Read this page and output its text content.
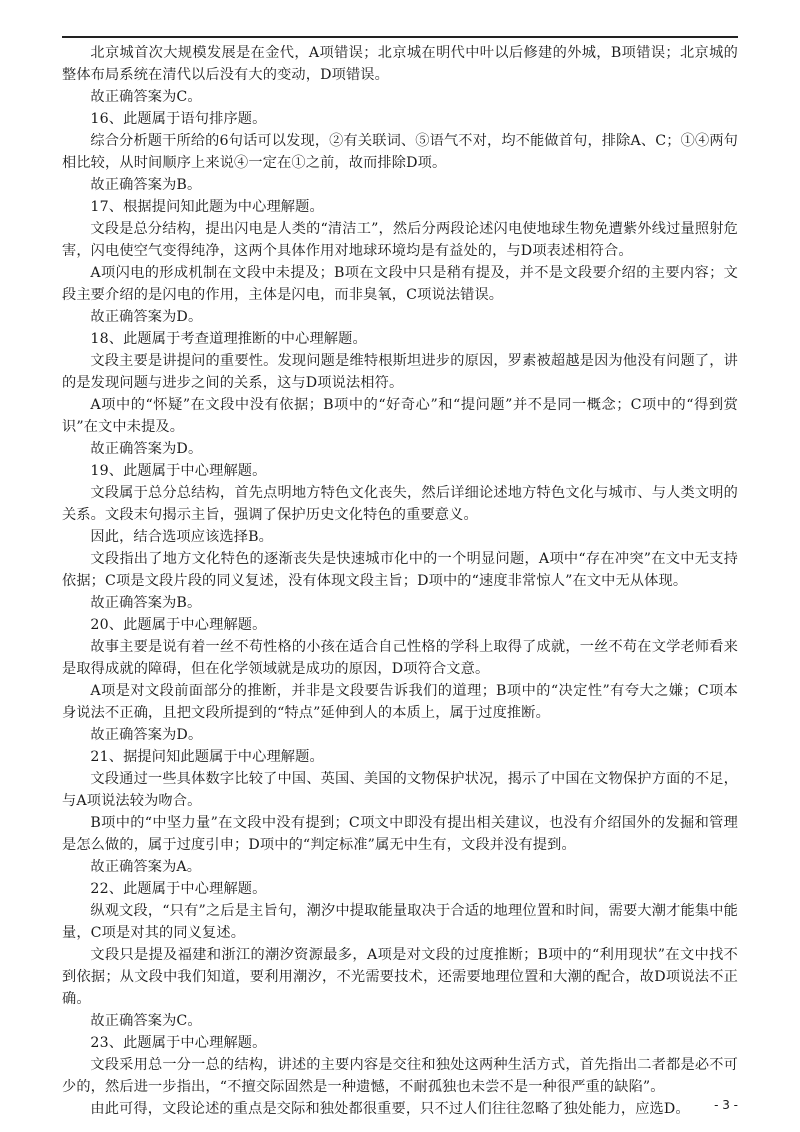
北京城首次大规模发展是在金代，A项错误；北京城在明代中叶以后修建的外城，B项错误；北京城的整体布局系统在清代以后没有大的变动，D项错误。

故正确答案为C。

16、此题属于语句排序题。

综合分析题干所给的6句话可以发现，②有关联词、⑤语气不对，均不能做首句，排除A、C；①④两句相比较，从时间顺序上来说④一定在①之前，故而排除D项。

故正确答案为B。

17、根据提问知此题为中心理解题。

文段是总分结构，提出闪电是人类的“清洁工”，然后分两段论述闪电使地球生物免遭紫外线过量照射危害，闪电使空气变得纯净，这两个具体作用对地球环境均是有益处的，与D项表述相符合。

A项闪电的形成机制在文段中未提及；B项在文段中只是稍有提及，并不是文段要介绍的主要内容；文段主要介绍的是闪电的作用，主体是闪电，而非臭氧，C项说法错误。

故正确答案为D。

18、此题属于考查道理推断的中心理解题。

文段主要是讲提问的重要性。发现问题是维特根斯坦进步的原因，罗素被超越是因为他没有问题了，讲的是发现问题与进步之间的关系，这与D项说法相符。

A项中的“怀疑”在文段中没有依据；B项中的“好奇心”和“提问题”并不是同一概念；C项中的“得到赏识”在文中未提及。

故正确答案为D。

19、此题属于中心理解题。

文段属于总分总结构，首先点明地方特色文化丧失，然后详细论述地方特色文化与城市、与人类文明的关系。文段末句揭示主旨，强调了保护历史文化特色的重要意义。

因此，结合选项应该选择B。

文段指出了地方文化特色的逐渐丧失是快速城市化中的一个明显问题，A项中“存在冲突”在文中无支持依据；C项是文段片段的同义复述，没有体现文段主旨；D项中的“速度非常惊人”在文中无从体现。

故正确答案为B。

20、此题属于中心理解题。

故事主要是说有着一丝不苟性格的小孩在适合自己性格的学科上取得了成就，一丝不苟在文学老师看来是取得成就的障碍，但在化学领域就是成功的原因，D项符合文意。

A项是对文段前面部分的推断，并非是文段要告诉我们的道理；B项中的“决定性”有夸大之嫌；C项本身说法不正确，且把文段所提到的“特点”延伸到人的本质上，属于过度推断。

故正确答案为D。

21、据提问知此题属于中心理解题。

文段通过一些具体数字比较了中国、英国、美国的文物保护状况，揭示了中国在文物保护方面的不足，与A项说法较为吻合。

B项中的“中坚力量”在文段中没有提到；C项文中即没有提出相关建议，也没有介绍国外的发掘和管理是怎么做的，属于过度引申；D项中的“判定标准”属无中生有，文段并没有提到。

故正确答案为A。

22、此题属于中心理解题。

纵观文段，“只有”之后是主旨句，潮汐中提取能量取决于合适的地理位置和时间，需要大潮才能集中能量，C项是对其的同义复述。

文段只是提及福建和浙江的潮汐资源最多，A项是对文段的过度推断；B项中的“利用现状”在文中找不到依据；从文段中我们知道，要利用潮汐，不光需要技术，还需要地理位置和大潮的配合，故D项说法不正确。

故正确答案为C。

23、此题属于中心理解题。

文段采用总一分一总的结构，讲述的主要内容是交往和独处这两种生活方式，首先指出二者都是必不可少的，然后进一步指出，“不擅交际固然是一种遗憾，不耐孤独也未尝不是一种很严重的缺陷”。

由此可得，文段论述的重点是交际和独处都很重要，只不过人们往往忽略了独处能力，应选D。	- 3 -
